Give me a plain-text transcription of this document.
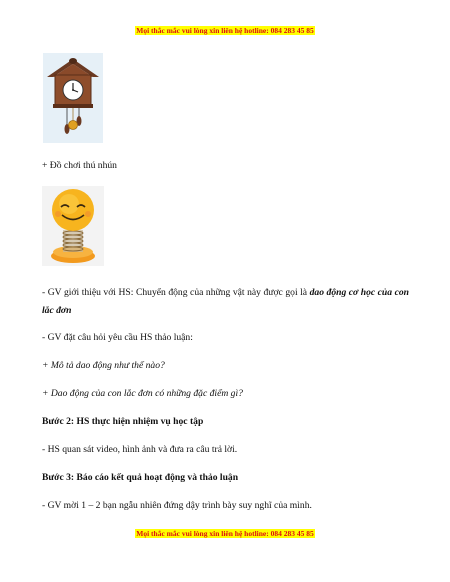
Mọi thắc mắc vui lòng xin liên hệ hotline: 084 283 45 85
+ Đồ chơi thú nhún
- GV giới thiệu với HS: Chuyển động của những vật này được gọi là dao động cơ học của con lắc đơn
- GV đặt câu hỏi yêu cầu HS thảo luận:
+ Mô tả dao động như thế nào?
+ Dao động của con lắc đơn có những đặc điểm gì?
Bước 2: HS thực hiện nhiệm vụ học tập
- HS quan sát video, hình ảnh và đưa ra câu trả lời.
Bước 3: Báo cáo kết quả hoạt động và thảo luận
- GV mời 1 – 2 bạn ngẫu nhiên đứng dậy trình bày suy nghĩ của mình.
Mọi thắc mắc vui lòng xin liên hệ hotline: 084 283 45 85
